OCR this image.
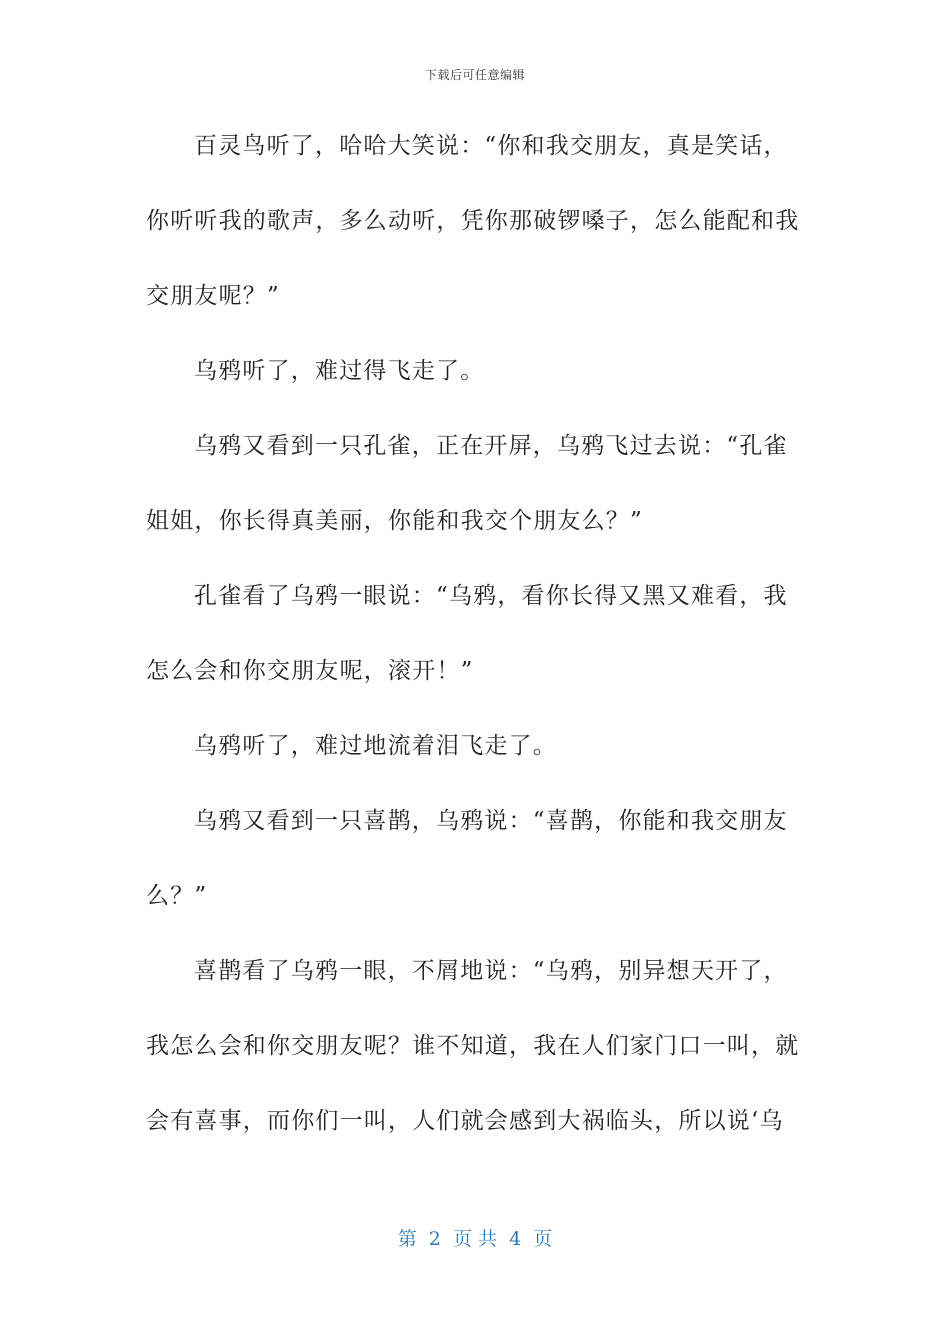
下载后可任意编辑
百灵鸟听了，哈哈大笑说：“你和我交朋友，真是笑话，
你听听我的歌声，多么动听，凭你那破锣嗓子，怎么能配和我
交朋友呢？”
乌鸦听了，难过得飞走了。
乌鸦又看到一只孔雀，正在开屏，乌鸦飞过去说：“孔雀
姐姐，你长得真美丽，你能和我交个朋友么？”
孔雀看了乌鸦一眼说：“乌鸦，看你长得又黑又难看，我
怎么会和你交朋友呢，滚开！”
乌鸦听了，难过地流着泪飞走了。
乌鸦又看到一只喜鹊，乌鸦说：“喜鹊，你能和我交朋友
么？”
喜鹊看了乌鸦一眼，不屑地说：“乌鸦，别异想天开了，
我怎么会和你交朋友呢？谁不知道，我在人们家门口一叫，就
会有喜事，而你们一叫，人们就会感到大祸临头，所以说‘乌
第  2  页 共  4  页
